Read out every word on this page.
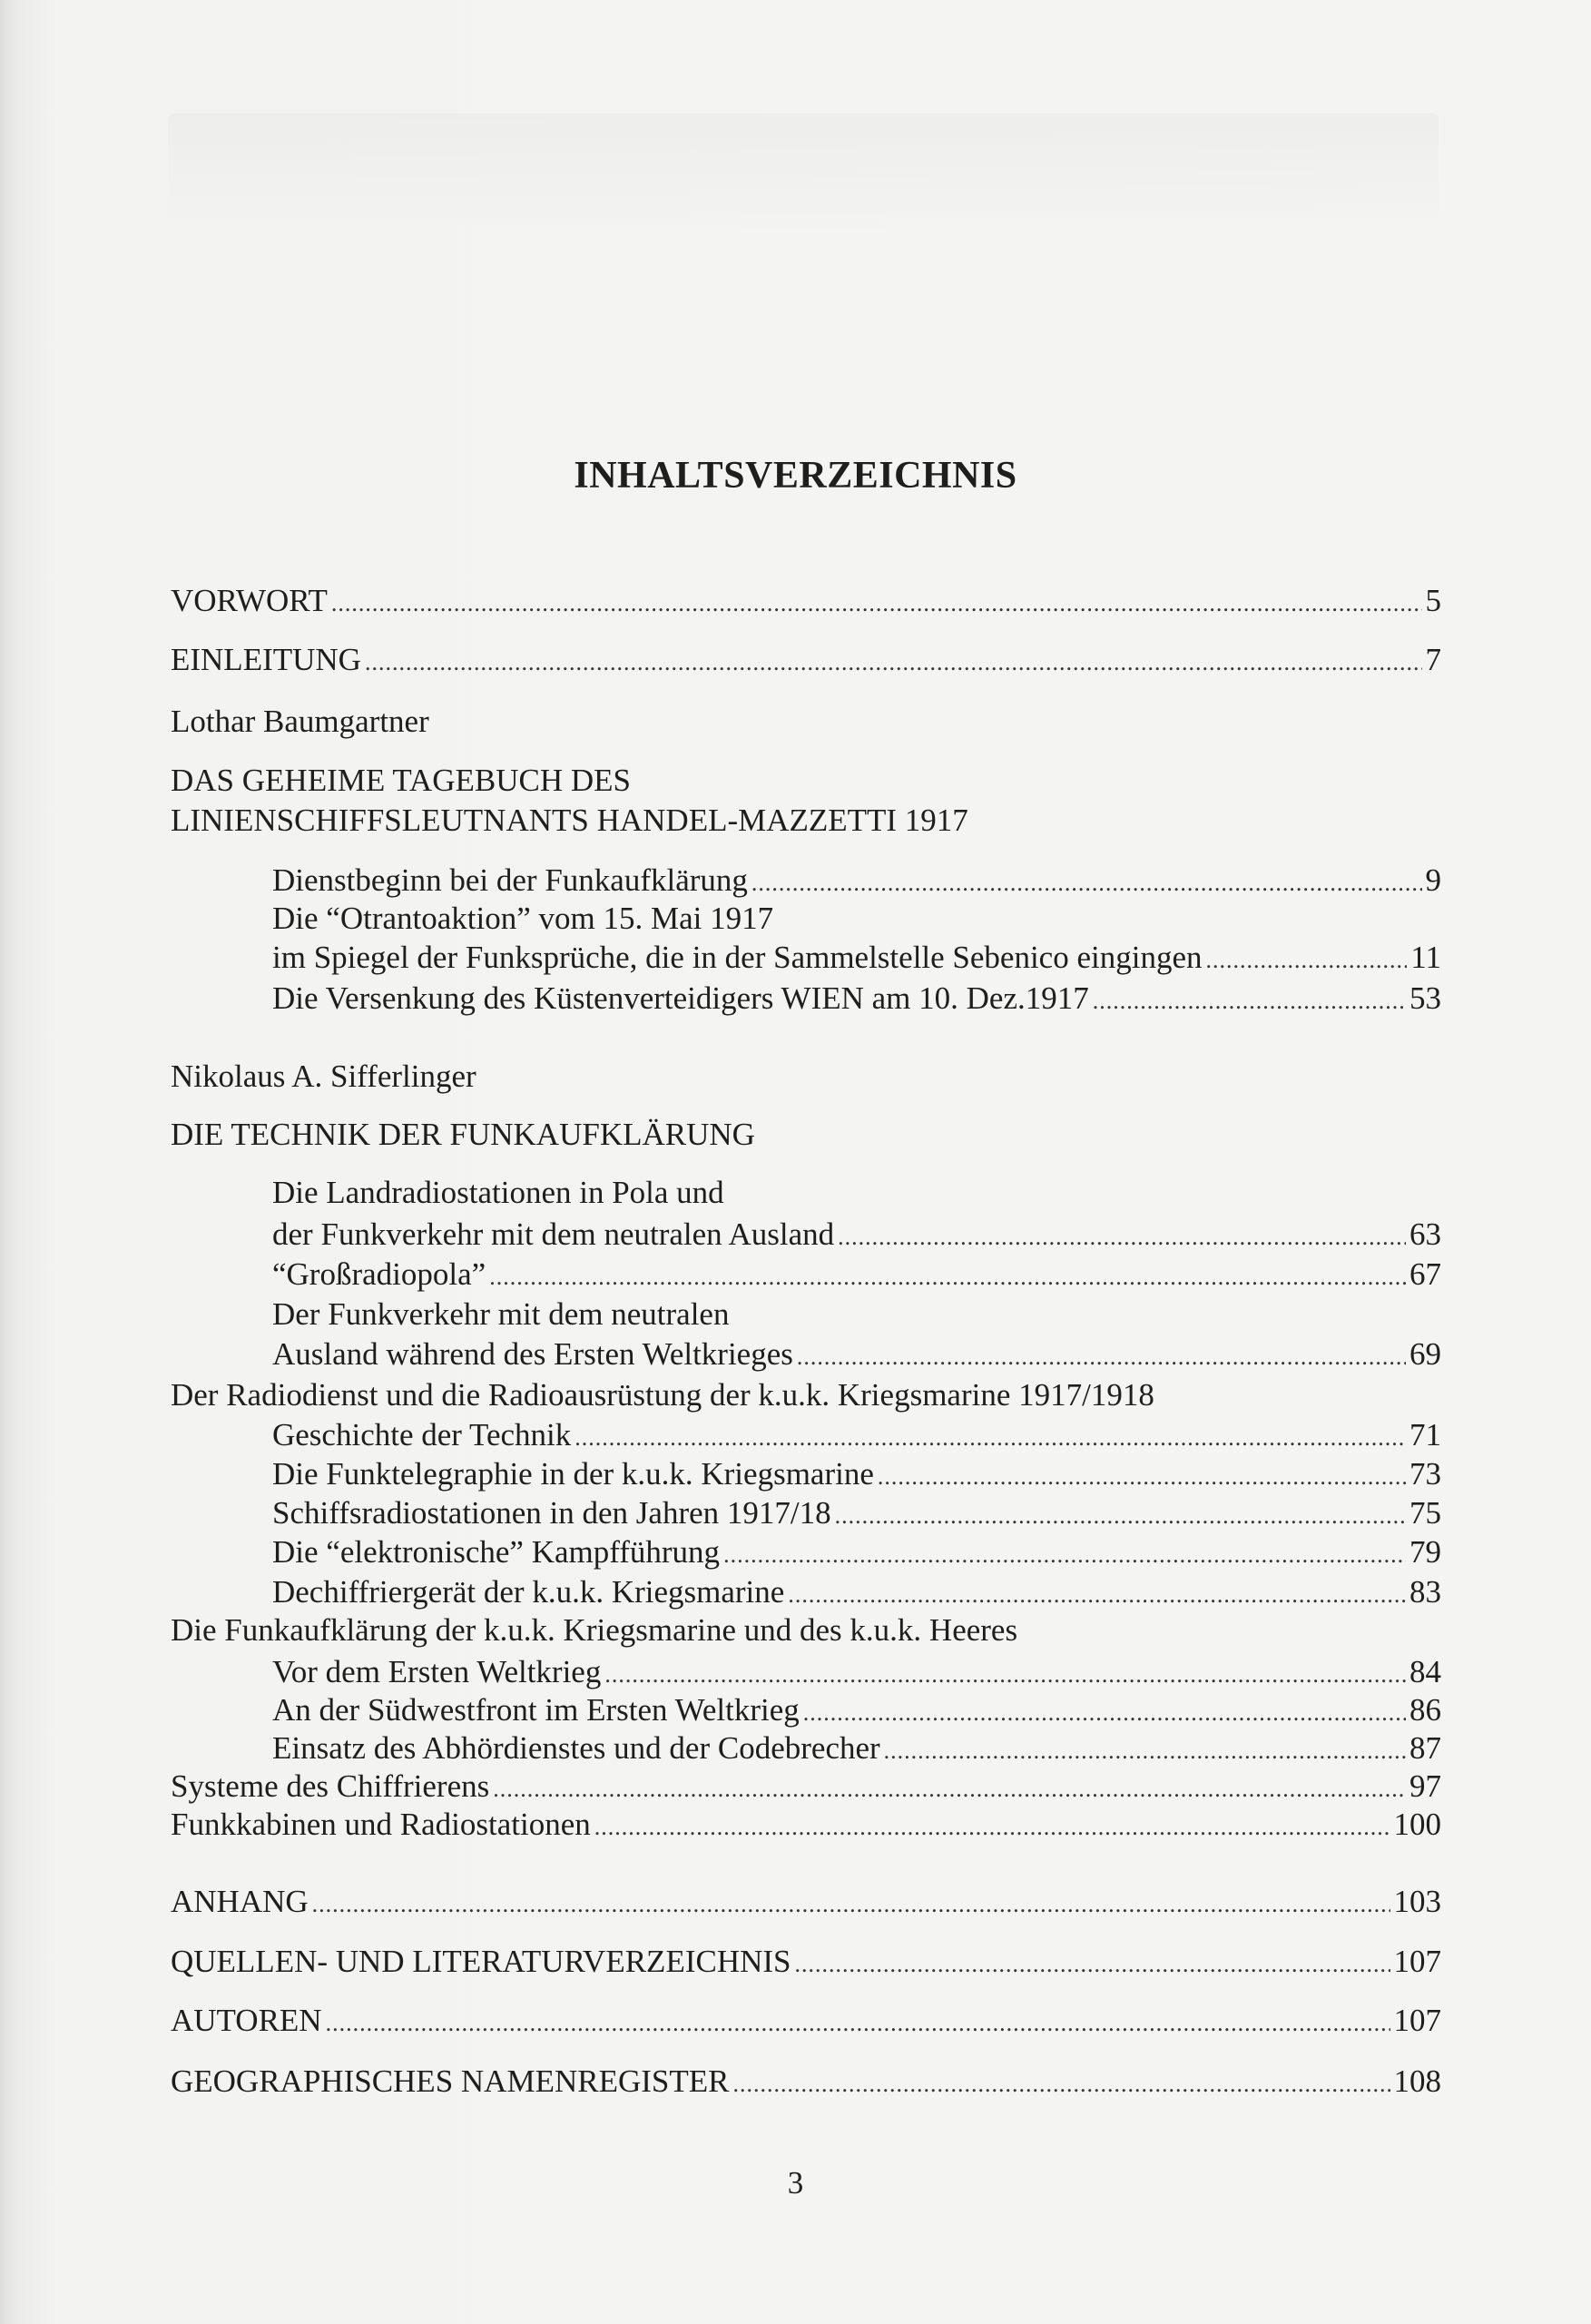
INHALTSVERZEICHNIS
VORWORT .....	5
EINLEITUNG .....	7
Lothar Baumgartner
DAS GEHEIME TAGEBUCH DES
LINIENSCHIFFSLEUTNANTS HANDEL-MAZZETTI 1917
Dienstbeginn bei der Funkaufklärung .....	9
Die “Otrantoaktion” vom 15. Mai 1917
im Spiegel der Funksprüche, die in der Sammelstelle Sebenico eingingen .....	11
Die Versenkung des Küstenverteidigers WIEN am 10. Dez.1917 .....	53
Nikolaus A. Sifferlinger
DIE TECHNIK DER FUNKAUFKLÄRUNG
Die Landradiostationen in Pola und
der Funkverkehr mit dem neutralen Ausland .....	63
“Großradiopola” .....	67
Der Funkverkehr mit dem neutralen
Ausland während des Ersten Weltkrieges .....	69
Der Radiodienst und die Radioausrüstung der k.u.k. Kriegsmarine 1917/1918
Geschichte der Technik .....	71
Die Funktelegraphie in der k.u.k. Kriegsmarine .....	73
Schiffsradiostationen in den Jahren 1917/18 .....	75
Die “elektronische” Kampfführung .....	79
Dechiffriergerät der k.u.k. Kriegsmarine .....	83
Die Funkaufklärung der k.u.k. Kriegsmarine und des k.u.k. Heeres
Vor dem Ersten Weltkrieg .....	84
An der Südwestfront im Ersten Weltkrieg .....	86
Einsatz des Abhördienstes und der Codebrecher .....	87
Systeme des Chiffrierens .....	97
Funkkabinen und Radiostationen .....	100
ANHANG .....	103
QUELLEN- UND LITERATURVERZEICHNIS .....	107
AUTOREN .....	107
GEOGRAPHISCHES NAMENREGISTER .....	108
3
